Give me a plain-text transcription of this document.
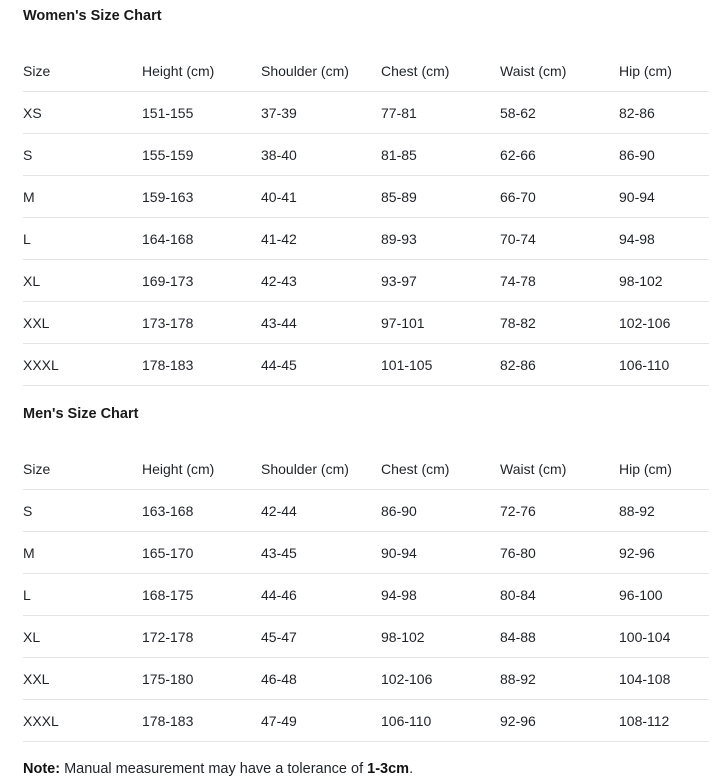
Women's Size Chart
Size	Height (cm)	Shoulder (cm)	Chest (cm)	Waist (cm)	Hip (cm)
XS	151-155	37-39	77-81	58-62	82-86
S	155-159	38-40	81-85	62-66	86-90
M	159-163	40-41	85-89	66-70	90-94
L	164-168	41-42	89-93	70-74	94-98
XL	169-173	42-43	93-97	74-78	98-102
XXL	173-178	43-44	97-101	78-82	102-106
XXXL	178-183	44-45	101-105	82-86	106-110
Men's Size Chart
Size	Height (cm)	Shoulder (cm)	Chest (cm)	Waist (cm)	Hip (cm)
S	163-168	42-44	86-90	72-76	88-92
M	165-170	43-45	90-94	76-80	92-96
L	168-175	44-46	94-98	80-84	96-100
XL	172-178	45-47	98-102	84-88	100-104
XXL	175-180	46-48	102-106	88-92	104-108
XXXL	178-183	47-49	106-110	92-96	108-112
Note: Manual measurement may have a tolerance of 1-3cm.
